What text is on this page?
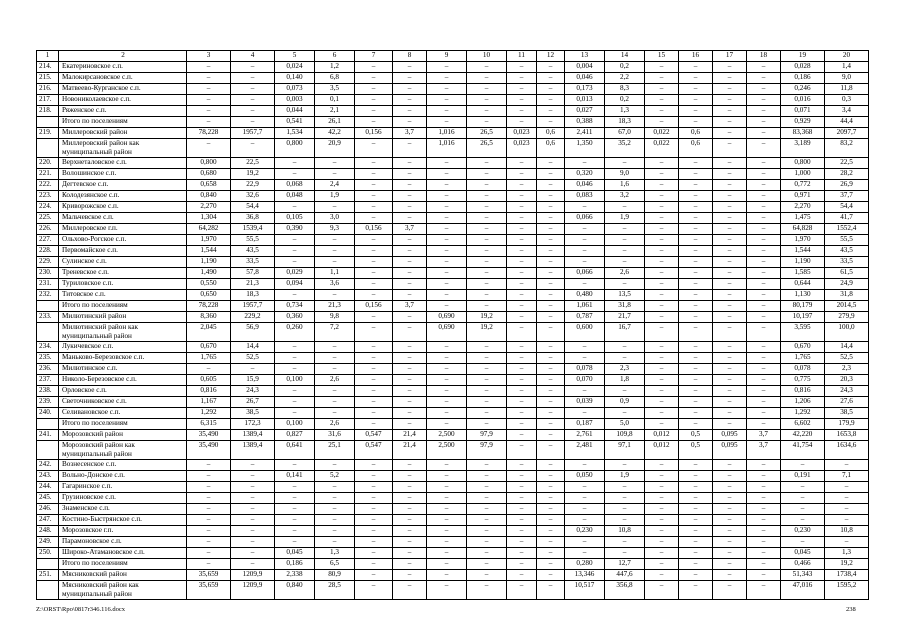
1	2	3	4	5	6	7	8	9	10	11	12	13	14	15	16	17	18	19	20
214.	Екатериновское с.п.	–	–	0,024	1,2	–	–	–	–	–	–	0,004	0,2	–	–	–	–	0,028	1,4
215.	Малокирсановское с.п.	–	–	0,140	6,8	–	–	–	–	–	–	0,046	2,2	–	–	–	–	0,186	9,0
216.	Матвеево-Курганское с.п.	–	–	0,073	3,5	–	–	–	–	–	–	0,173	8,3	–	–	–	–	0,246	11,8
217.	Новониколаевское с.п.	–	–	0,003	0,1	–	–	–	–	–	–	0,013	0,2	–	–	–	–	0,016	0,3
218.	Ряженское с.п.	–	–	0,044	2,1	–	–	–	–	–	–	0,027	1,3	–	–	–	–	0,071	3,4
	Итого по поселениям	–	–	0,541	26,1	–	–	–	–	–	–	0,388	18,3	–	–	–	–	0,929	44,4
219.	Миллеровский район	78,228	1957,7	1,534	42,2	0,156	3,7	1,016	26,5	0,023	0,6	2,411	67,0	0,022	0,6	–	–	83,368	2097,7
	Миллеровский район как муниципальный район	–	–	0,800	20,9	–	–	1,016	26,5	0,023	0,6	1,350	35,2	0,022	0,6	–	–	3,189	83,2
220.	Верхнеталовское с.п.	0,800	22,5	–	–	–	–	–	–	–	–	–	–	–	–	–	–	0,800	22,5
221.	Волошинское с.п.	0,680	19,2	–	–	–	–	–	–	–	–	0,320	9,0	–	–	–	–	1,000	28,2
222.	Дегтевское с.п.	0,658	22,9	0,068	2,4	–	–	–	–	–	–	0,046	1,6	–	–	–	–	0,772	26,9
223.	Колодезянское с.п.	0,840	32,6	0,048	1,9	–	–	–	–	–	–	0,083	3,2	–	–	–	–	0,971	37,7
224.	Криворожское с.п.	2,270	54,4	–	–	–	–	–	–	–	–	–	–	–	–	–	–	2,270	54,4
225.	Мальчевское с.п.	1,304	36,8	0,105	3,0	–	–	–	–	–	–	0,066	1,9	–	–	–	–	1,475	41,7
226.	Миллеровское г.п.	64,282	1539,4	0,390	9,3	0,156	3,7	–	–	–	–	–	–	–	–	–	–	64,828	1552,4
227.	Ольхово-Рогское с.п.	1,970	55,5	–	–	–	–	–	–	–	–	–	–	–	–	–	–	1,970	55,5
228.	Первомайское с.п.	1,544	43,5	–	–	–	–	–	–	–	–	–	–	–	–	–	–	1,544	43,5
229.	Сулинское с.п.	1,190	33,5	–	–	–	–	–	–	–	–	–	–	–	–	–	–	1,190	33,5
230.	Треневское с.п.	1,490	57,8	0,029	1,1	–	–	–	–	–	–	0,066	2,6	–	–	–	–	1,585	61,5
231.	Туриловское с.п.	0,550	21,3	0,094	3,6	–	–	–	–	–	–	–	–	–	–	–	–	0,644	24,9
232.	Титовское с.п.	0,650	18,3	–	–	–	–	–	–	–	–	0,480	13,5	–	–	–	–	1,130	31,8
	Итого по поселениям	78,228	1957,7	0,734	21,3	0,156	3,7	–	–	–	–	1,061	31,8	–	–	–	–	80,179	2014,5
233.	Милютинский район	8,360	229,2	0,360	9,8	–	–	0,690	19,2	–	–	0,787	21,7	–	–	–	–	10,197	279,9
	Милютинский район как муниципальный район	2,045	56,9	0,260	7,2	–	–	0,690	19,2	–	–	0,600	16,7	–	–	–	–	3,595	100,0
234.	Лукичевское с.п.	0,670	14,4	–	–	–	–	–	–	–	–	–	–	–	–	–	–	0,670	14,4
235.	Маньково-Березовское с.п.	1,765	52,5	–	–	–	–	–	–	–	–	–	–	–	–	–	–	1,765	52,5
236.	Милютинское с.п.	–	–	–	–	–	–	–	–	–	–	0,078	2,3	–	–	–	–	0,078	2,3
237.	Николо-Березовское с.п.	0,605	15,9	0,100	2,6	–	–	–	–	–	–	0,070	1,8	–	–	–	–	0,775	20,3
238.	Орловское с.п.	0,816	24,3	–	–	–	–	–	–	–	–	–	–	–	–	–	–	0,816	24,3
239.	Светочниковское с.п.	1,167	26,7	–	–	–	–	–	–	–	–	0,039	0,9	–	–	–	–	1,206	27,6
240.	Селивановское с.п.	1,292	38,5	–	–	–	–	–	–	–	–	–	–	–	–	–	–	1,292	38,5
	Итого по поселениям	6,315	172,3	0,100	2,6	–	–	–	–	–	–	0,187	5,0	–	–	–	–	6,602	179,9
241.	Морозовский район	35,490	1389,4	0,827	31,6	0,547	21,4	2,500	97,9	–	–	2,761	109,8	0,012	0,5	0,095	3,7	42,220	1653,8
	Морозовский район как муниципальный район	35,490	1389,4	0,641	25,1	0,547	21,4	2,500	97,9	–	–	2,481	97,1	0,012	0,5	0,095	3,7	41,754	1634,6
242.	Вознесенское с.п.	–	–	–	–	–	–	–	–	–	–	–	–	–	–	–	–	–	–
243.	Вольно-Донское с.п.	–	–	0,141	5,2	–	–	–	–	–	–	0,050	1,9	–	–	–	–	0,191	7,1
244.	Гагаринское с.п.	–	–	–	–	–	–	–	–	–	–	–	–	–	–	–	–	–	–
245.	Грузиновское с.п.	–	–	–	–	–	–	–	–	–	–	–	–	–	–	–	–	–	–
246.	Знаменское с.п.	–	–	–	–	–	–	–	–	–	–	–	–	–	–	–	–	–	–
247.	Костино-Быстрянское с.п.	–	–	–	–	–	–	–	–	–	–	–	–	–	–	–	–	–	–
248.	Морозовское г.п.	–	–	–	–	–	–	–	–	–	–	0,230	10,8	–	–	–	–	0,230	10,8
249.	Парамоновское с.п.	–	–	–	–	–	–	–	–	–	–	–	–	–	–	–	–	–	–
250.	Широко-Атамановское с.п.	–	–	0,045	1,3	–	–	–	–	–	–	–	–	–	–	–	–	0,045	1,3
	Итого по поселениям	–	–	0,186	6,5	–	–	–	–	–	–	0,280	12,7	–	–	–	–	0,466	19,2
251.	Мясниковский район	35,659	1209,9	2,338	80,9	–	–	–	–	–	–	13,346	447,6	–	–	–	–	51,343	1738,4
	Мясниковский район как муниципальный район	35,659	1209,9	0,840	28,5	–	–	–	–	–	–	10,517	356,8	–	–	–	–	47,016	1595,2
Z:\ORST\Rpo\0817r346.116.docx	238
